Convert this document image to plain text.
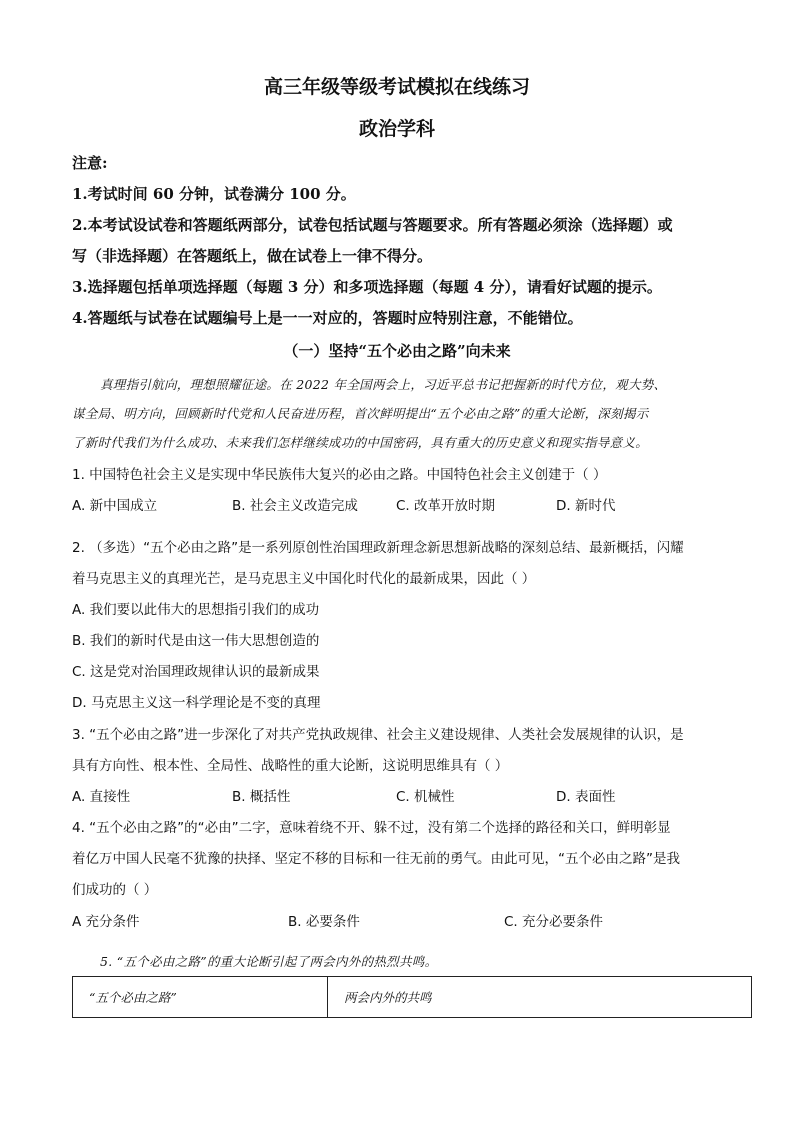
高三年级等级考试模拟在线练习
政治学科
注意:
1.考试时间 60 分钟，试卷满分 100 分。
2.本考试设试卷和答题纸两部分，试卷包括试题与答题要求。所有答题必须涂（选择题）或
写（非选择题）在答题纸上，做在试卷上一律不得分。
3.选择题包括单项选择题（每题 3 分）和多项选择题（每题 4 分），请看好试题的提示。
4.答题纸与试卷在试题编号上是一一对应的，答题时应特别注意，不能错位。
（一）坚持“五个必由之路”向未来
真理指引航向，理想照耀征途。在 2022 年全国两会上，习近平总书记把握新的时代方位，观大势、
谋全局、明方向，回顾新时代党和人民奋进历程，首次鲜明提出“五个必由之路”的重大论断，深刻揭示
了新时代我们为什么成功、未来我们怎样继续成功的中国密码，具有重大的历史意义和现实指导意义。
1. 中国特色社会主义是实现中华民族伟大复兴的必由之路。中国特色社会主义创建于（ ）
A. 新中国成立	B. 社会主义改造完成	C. 改革开放时期	D. 新时代
2. （多选）“五个必由之路”是一系列原创性治国理政新理念新思想新战略的深刻总结、最新概括，闪耀
着马克思主义的真理光芒，是马克思主义中国化时代化的最新成果，因此（ ）
A. 我们要以此伟大的思想指引我们的成功
B. 我们的新时代是由这一伟大思想创造的
C. 这是党对治国理政规律认识的最新成果
D. 马克思主义这一科学理论是不变的真理
3. “五个必由之路”进一步深化了对共产党执政规律、社会主义建设规律、人类社会发展规律的认识，是
具有方向性、根本性、全局性、战略性的重大论断，这说明思维具有（ ）
A. 直接性	B. 概括性	C. 机械性	D. 表面性
4. “五个必由之路”的“必由”二字，意味着绕不开、躲不过，没有第二个选择的路径和关口，鲜明彰显
着亿万中国人民毫不犹豫的抉择、坚定不移的目标和一往无前的勇气。由此可见，“五个必由之路”是我
们成功的（ ）
A 充分条件	B. 必要条件	C. 充分必要条件
5. “五个必由之路”的重大论断引起了两会内外的热烈共鸣。
“五个必由之路”	两会内外的共鸣
